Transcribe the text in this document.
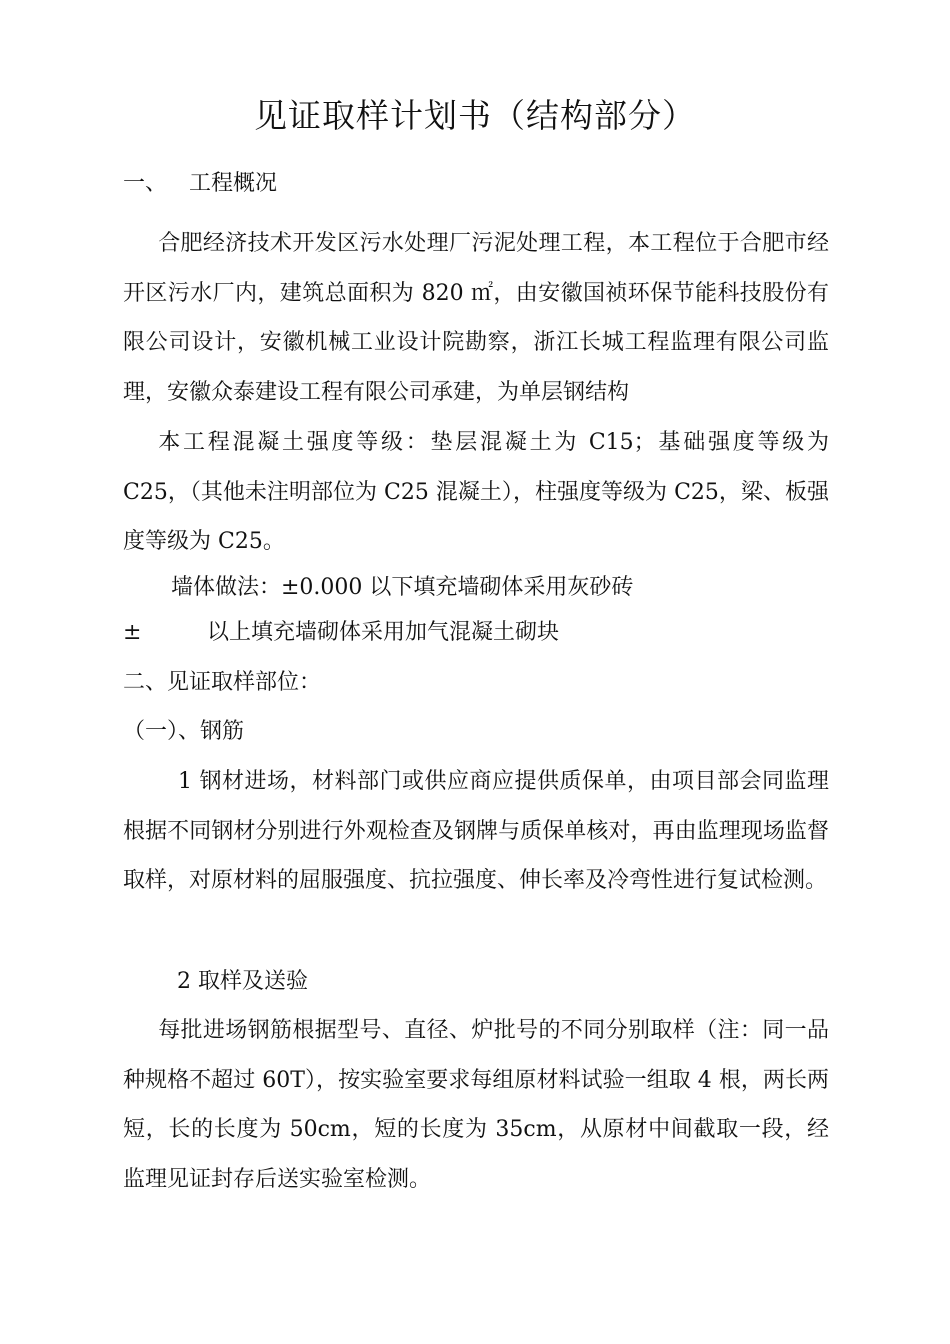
见证取样计划书（结构部分）
一、 工程概况

合肥经济技术开发区污水处理厂污泥处理工程，本工程位于合肥市经开区污水厂内，建筑总面积为 820 ㎡，由安徽国祯环保节能科技股份有限公司设计，安徽机械工业设计院勘察，浙江长城工程监理有限公司监理，安徽众泰建设工程有限公司承建，为单层钢结构

本工程混凝土强度等级：垫层混凝土为 C15；基础强度等级为 C25，（其他未注明部位为 C25 混凝土），柱强度等级为 C25，梁、板强度等级为 C25。

墙体做法：±0.000 以下填充墙砌体采用灰砂砖
±	以上填充墙砌体采用加气混凝土砌块
二、见证取样部位：
（一）、钢筋

1 钢材进场，材料部门或供应商应提供质保单，由项目部会同监理根据不同钢材分别进行外观检查及钢牌与质保单核对，再由监理现场监督取样，对原材料的屈服强度、抗拉强度、伸长率及冷弯性进行复试检测。

2 取样及送验

每批进场钢筋根据型号、直径、炉批号的不同分别取样（注：同一品种规格不超过 60T），按实验室要求每组原材料试验一组取 4 根，两长两短，长的长度为 50cm，短的长度为 35cm，从原材中间截取一段，经监理见证封存后送实验室检测。
